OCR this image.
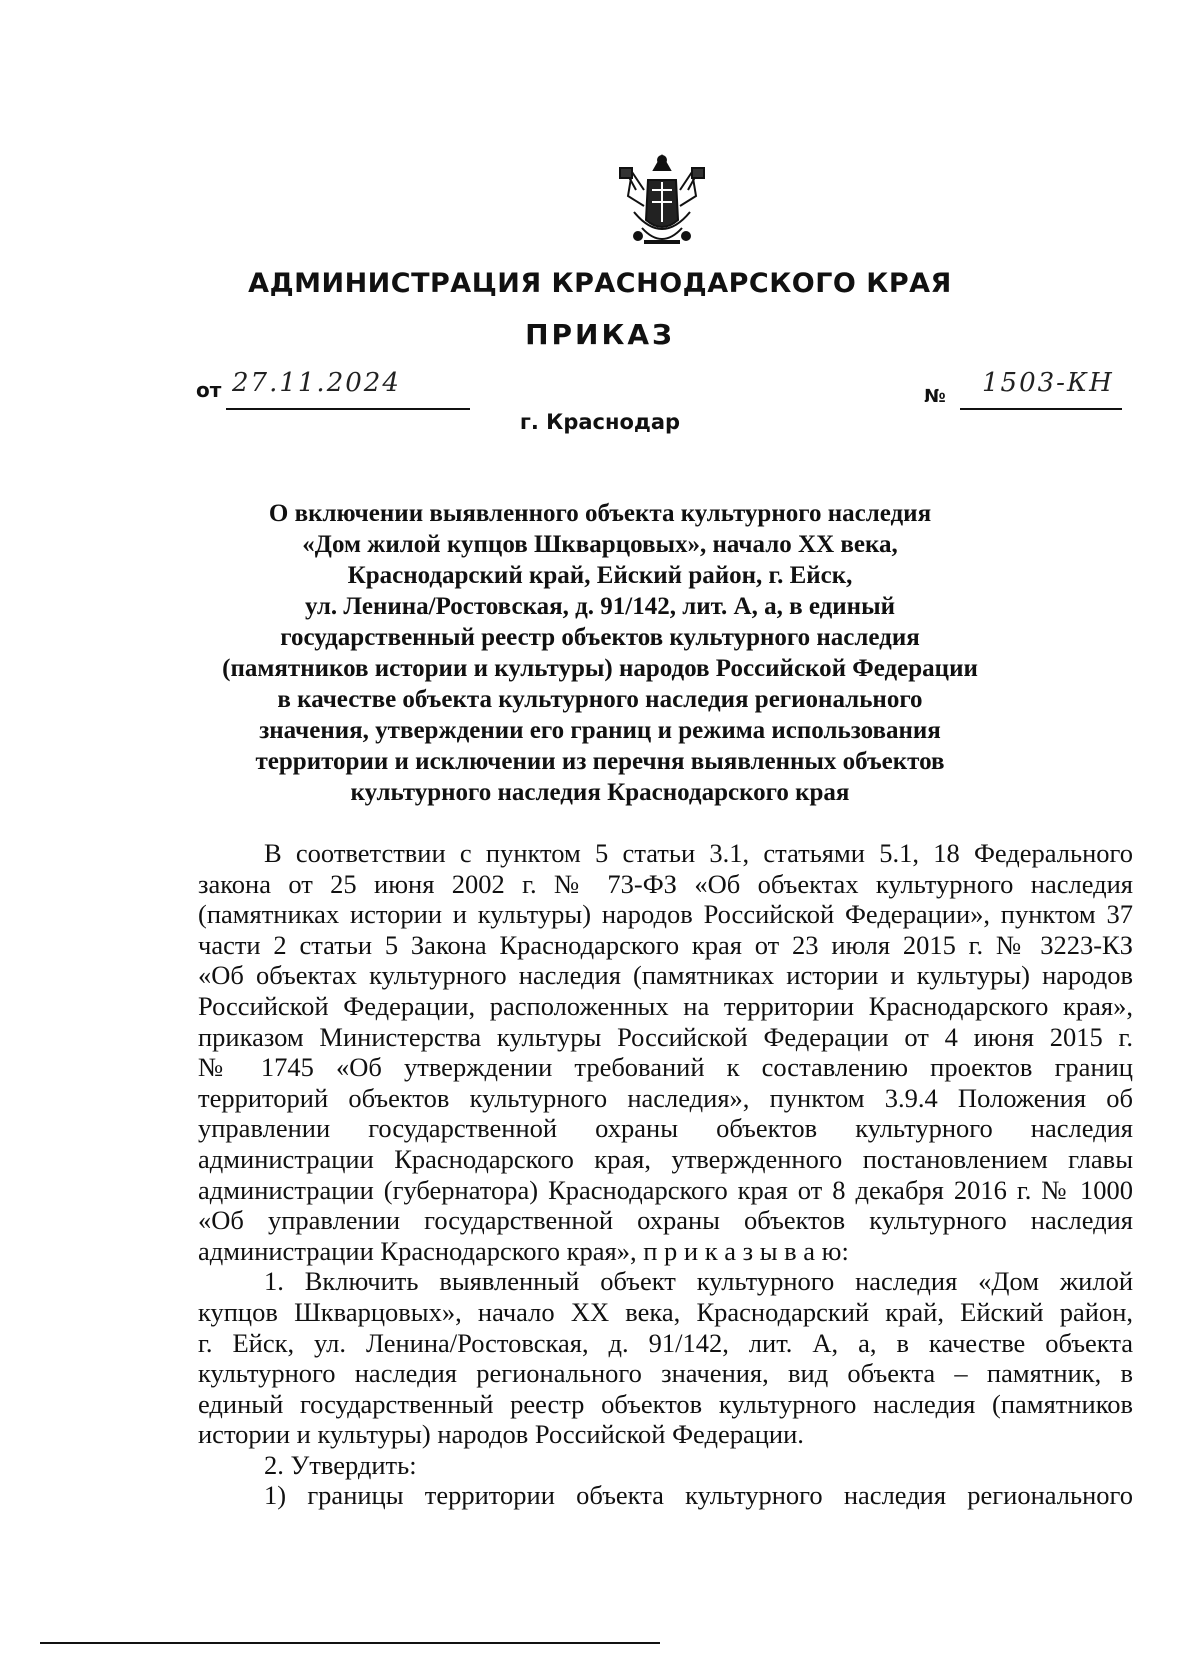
АДМИНИСТРАЦИЯ КРАСНОДАРСКОГО КРАЯ
ПРИКАЗ
от 27.11.2024	№ 1503-КН
г. Краснодар
О включении выявленного объекта культурного наследия
«Дом жилой купцов Шкварцовых», начало XX века,
Краснодарский край, Ейский район, г. Ейск,
ул. Ленина/Ростовская, д. 91/142, лит. А, а, в единый
государственный реестр объектов культурного наследия
(памятников истории и культуры) народов Российской Федерации
в качестве объекта культурного наследия регионального
значения, утверждении его границ и режима использования
территории и исключении из перечня выявленных объектов
культурного наследия Краснодарского края
В соответствии с пунктом 5 статьи 3.1, статьями 5.1, 18 Федерального
закона от 25 июня 2002 г. № 73-ФЗ «Об объектах культурного наследия
(памятниках истории и культуры) народов Российской Федерации», пунктом 37
части 2 статьи 5 Закона Краснодарского края от 23 июля 2015 г. № 3223-КЗ
«Об объектах культурного наследия (памятниках истории и культуры) народов
Российской Федерации, расположенных на территории Краснодарского края»,
приказом Министерства культуры Российской Федерации от 4 июня 2015 г.
№ 1745 «Об утверждении требований к составлению проектов границ
территорий объектов культурного наследия», пунктом 3.9.4 Положения об
управлении государственной охраны объектов культурного наследия
администрации Краснодарского края, утвержденного постановлением главы
администрации (губернатора) Краснодарского края от 8 декабря 2016 г. № 1000
«Об управлении государственной охраны объектов культурного наследия
администрации Краснодарского края», п р и к а з ы в а ю:
1. Включить выявленный объект культурного наследия «Дом жилой
купцов Шкварцовых», начало XX века, Краснодарский край, Ейский район,
г. Ейск, ул. Ленина/Ростовская, д. 91/142, лит. А, а, в качестве объекта
культурного наследия регионального значения, вид объекта – памятник, в
единый государственный реестр объектов культурного наследия (памятников
истории и культуры) народов Российской Федерации.
2. Утвердить:
1) границы территории объекта культурного наследия регионального
